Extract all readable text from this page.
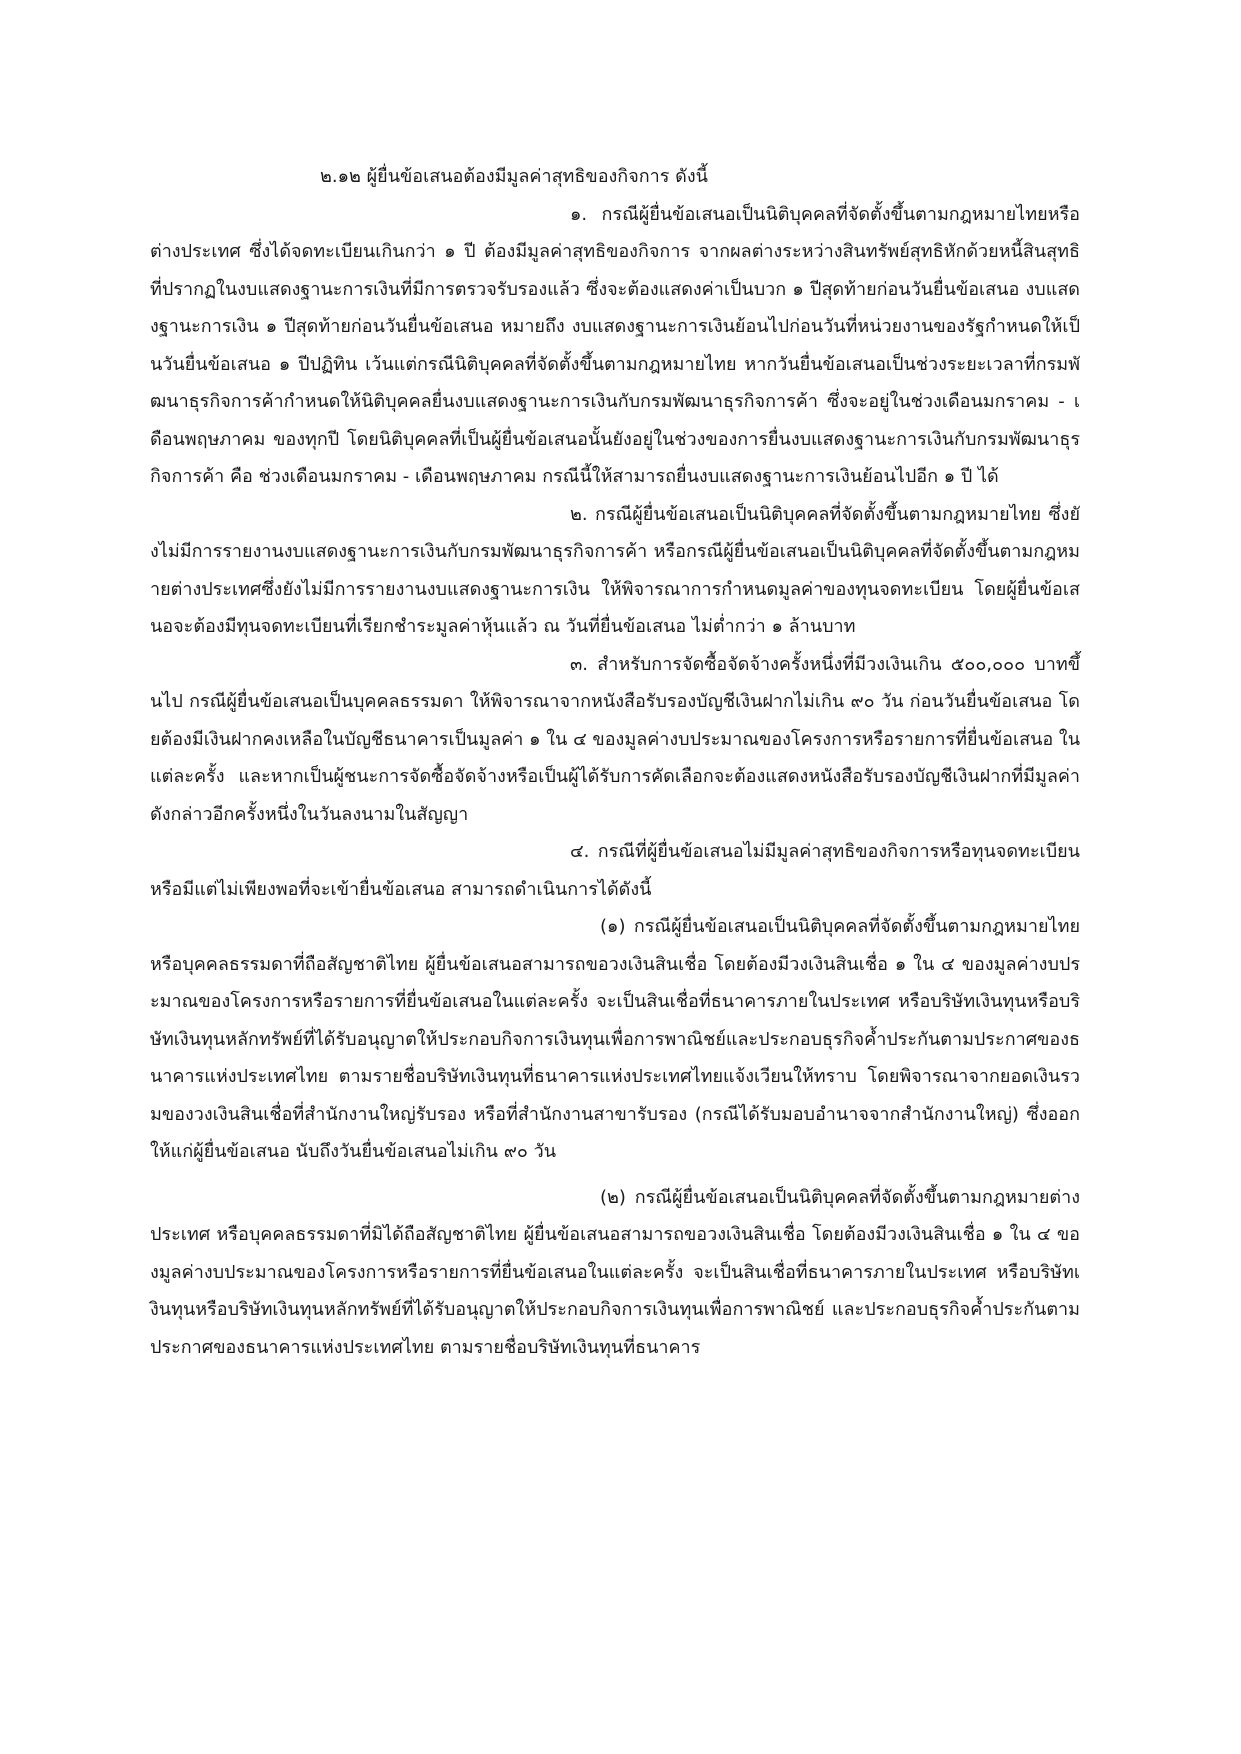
๒.๑๒ ผู้ยื่นข้อเสนอต้องมีมูลค่าสุทธิของกิจการ ดังนี้

๑. กรณีผู้ยื่นข้อเสนอเป็นนิติบุคคลที่จัดตั้งขึ้นตามกฎหมายไทยหรือต่างประเทศ ซึ่งได้จดทะเบียนเกินกว่า ๑ ปี ต้องมีมูลค่าสุทธิของกิจการ จากผลต่างระหว่างสินทรัพย์สุทธิหักด้วยหนี้สินสุทธิ ที่ปรากฏในงบแสดงฐานะการเงินที่มีการตรวจรับรองแล้ว ซึ่งจะต้องแสดงค่าเป็นบวก ๑ ปีสุดท้ายก่อนวันยื่นข้อเสนอ งบแสดงฐานะการเงิน ๑ ปีสุดท้ายก่อนวันยื่นข้อเสนอ หมายถึง งบแสดงฐานะการเงินย้อนไปก่อนวันที่หน่วยงานของรัฐกำหนดให้เป็นวันยื่นข้อเสนอ ๑ ปีปฏิทิน เว้นแต่กรณีนิติบุคคลที่จัดตั้งขึ้นตามกฎหมายไทย หากวันยื่นข้อเสนอเป็นช่วงระยะเวลาที่กรมพัฒนาธุรกิจการค้ากำหนดให้นิติบุคคลยื่นงบแสดงฐานะการเงินกับกรมพัฒนาธุรกิจการค้า ซึ่งจะอยู่ในช่วงเดือนมกราคม - เดือนพฤษภาคม ของทุกปี โดยนิติบุคคลที่เป็นผู้ยื่นข้อเสนอนั้นยังอยู่ในช่วงของการยื่นงบแสดงฐานะการเงินกับกรมพัฒนาธุรกิจการค้า คือ ช่วงเดือนมกราคม - เดือนพฤษภาคม กรณีนี้ให้สามารถยื่นงบแสดงฐานะการเงินย้อนไปอีก ๑ ปี ได้

๒. กรณีผู้ยื่นข้อเสนอเป็นนิติบุคคลที่จัดตั้งขึ้นตามกฎหมายไทย ซึ่งยังไม่มีการรายงานงบแสดงฐานะการเงินกับกรมพัฒนาธุรกิจการค้า หรือกรณีผู้ยื่นข้อเสนอเป็นนิติบุคคลที่จัดตั้งขึ้นตามกฎหมายต่างประเทศซึ่งยังไม่มีการรายงานงบแสดงฐานะการเงิน ให้พิจารณาการกำหนดมูลค่าของทุนจดทะเบียน โดยผู้ยื่นข้อเสนอจะต้องมีทุนจดทะเบียนที่เรียกชำระมูลค่าหุ้นแล้ว ณ วันที่ยื่นข้อเสนอ ไม่ต่ำกว่า ๑ ล้านบาท

๓. สำหรับการจัดซื้อจัดจ้างครั้งหนึ่งที่มีวงเงินเกิน ๕๐๐,๐๐๐ บาทขึ้นไป กรณีผู้ยื่นข้อเสนอเป็นบุคคลธรรมดา ให้พิจารณาจากหนังสือรับรองบัญชีเงินฝากไม่เกิน ๙๐ วัน ก่อนวันยื่นข้อเสนอ โดยต้องมีเงินฝากคงเหลือในบัญชีธนาคารเป็นมูลค่า ๑ ใน ๔ ของมูลค่างบประมาณของโครงการหรือรายการที่ยื่นข้อเสนอ ในแต่ละครั้ง และหากเป็นผู้ชนะการจัดซื้อจัดจ้างหรือเป็นผู้ได้รับการคัดเลือกจะต้องแสดงหนังสือรับรองบัญชีเงินฝากที่มีมูลค่าดังกล่าวอีกครั้งหนึ่งในวันลงนามในสัญญา

๔. กรณีที่ผู้ยื่นข้อเสนอไม่มีมูลค่าสุทธิของกิจการหรือทุนจดทะเบียน หรือมีแต่ไม่เพียงพอที่จะเข้ายื่นข้อเสนอ สามารถดำเนินการได้ดังนี้

(๑) กรณีผู้ยื่นข้อเสนอเป็นนิติบุคคลที่จัดตั้งขึ้นตามกฎหมายไทย หรือบุคคลธรรมดาที่ถือสัญชาติไทย ผู้ยื่นข้อเสนอสามารถขอวงเงินสินเชื่อ โดยต้องมีวงเงินสินเชื่อ ๑ ใน ๔ ของมูลค่างบประมาณของโครงการหรือรายการที่ยื่นข้อเสนอในแต่ละครั้ง จะเป็นสินเชื่อที่ธนาคารภายในประเทศ หรือบริษัทเงินทุนหรือบริษัทเงินทุนหลักทรัพย์ที่ได้รับอนุญาตให้ประกอบกิจการเงินทุนเพื่อการพาณิชย์และประกอบธุรกิจค้ำประกันตามประกาศของธนาคารแห่งประเทศไทย ตามรายชื่อบริษัทเงินทุนที่ธนาคารแห่งประเทศไทยแจ้งเวียนให้ทราบ โดยพิจารณาจากยอดเงินรวมของวงเงินสินเชื่อที่สำนักงานใหญ่รับรอง หรือที่สำนักงานสาขารับรอง (กรณีได้รับมอบอำนาจจากสำนักงานใหญ่) ซึ่งออกให้แก่ผู้ยื่นข้อเสนอ นับถึงวันยื่นข้อเสนอไม่เกิน ๙๐ วัน

(๒) กรณีผู้ยื่นข้อเสนอเป็นนิติบุคคลที่จัดตั้งขึ้นตามกฎหมายต่างประเทศ หรือบุคคลธรรมดาที่มิได้ถือสัญชาติไทย ผู้ยื่นข้อเสนอสามารถขอวงเงินสินเชื่อ โดยต้องมีวงเงินสินเชื่อ ๑ ใน ๔ ของมูลค่างบประมาณของโครงการหรือรายการที่ยื่นข้อเสนอในแต่ละครั้ง จะเป็นสินเชื่อที่ธนาคารภายในประเทศ หรือบริษัทเงินทุนหรือบริษัทเงินทุนหลักทรัพย์ที่ได้รับอนุญาตให้ประกอบกิจการเงินทุนเพื่อการพาณิชย์ และประกอบธุรกิจค้ำประกันตามประกาศของธนาคารแห่งประเทศไทย ตามรายชื่อบริษัทเงินทุนที่ธนาคาร
